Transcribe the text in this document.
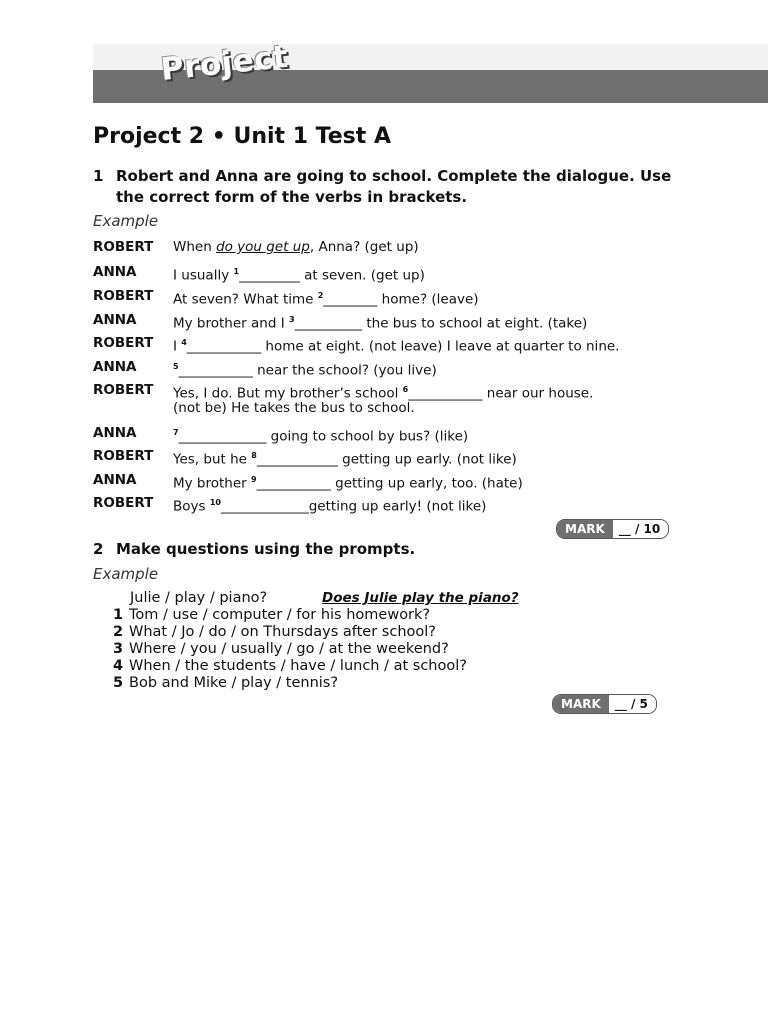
Project
Project 2 • Unit 1 Test A
1 Robert and Anna are going to school. Complete the dialogue. Use the correct form of the verbs in brackets.
Example
ROBERT	When do you get up, Anna? (get up)
ANNA	I usually $^1$_________ at seven. (get up)
ROBERT	At seven? What time $^2$________ home? (leave)
ANNA	My brother and I $^3$__________ the bus to school at eight. (take)
ROBERT	I $^4$___________ home at eight. (not leave) I leave at quarter to nine.
ANNA	$^5$___________ near the school? (you live)
ROBERT	Yes, I do. But my brother’s school $^6$___________ near our house.
(not be) He takes the bus to school.
ANNA	$^7$_____________ going to school by bus? (like)
ROBERT	Yes, but he $^8$____________ getting up early. (not like)
ANNA	My brother $^9$___________ getting up early, too. (hate)
ROBERT	Boys $^{10}$_____________getting up early! (not like)
MARK	__ / 10
2 Make questions using the prompts.
Example
Julie / play / piano?	Does Julie play the piano?
1 Tom / use / computer / for his homework?
2 What / Jo / do / on Thursdays after school?
3 Where / you / usually / go / at the weekend?
4 When / the students / have / lunch / at school?
5 Bob and Mike / play / tennis?
MARK	__ / 5
